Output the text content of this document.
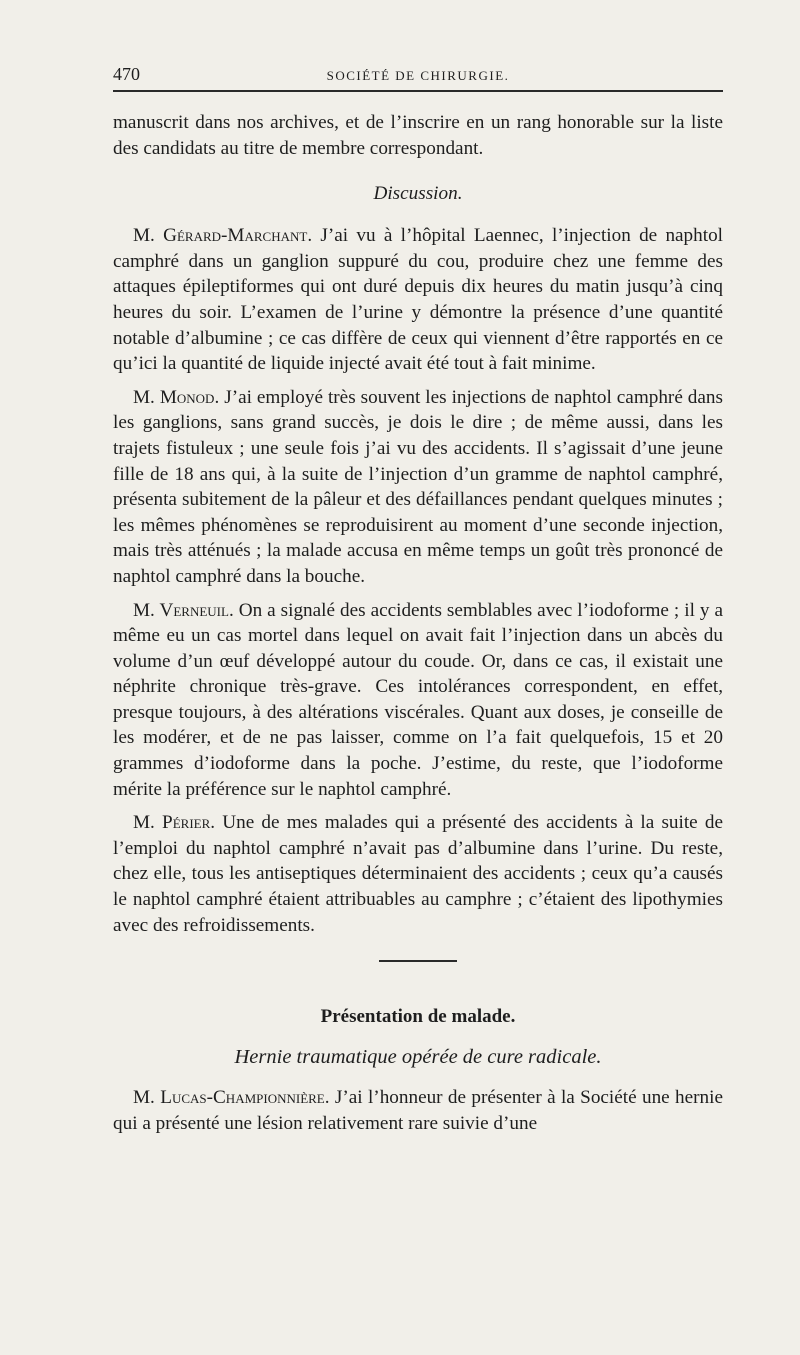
470	SOCIÉTÉ DE CHIRURGIE.

manuscrit dans nos archives, et de l’inscrire en un rang honorable sur la liste des candidats au titre de membre correspondant.

Discussion.

M. Gérard-Marchant. J’ai vu à l’hôpital Laennec, l’injection de naphtol camphré dans un ganglion suppuré du cou, produire chez une femme des attaques épileptiformes qui ont duré depuis dix heures du matin jusqu’à cinq heures du soir. L’examen de l’urine y démontre la présence d’une quantité notable d’albumine ; ce cas diffère de ceux qui viennent d’être rapportés en ce qu’ici la quantité de liquide injecté avait été tout à fait minime.

M. Monod. J’ai employé très souvent les injections de naphtol camphré dans les ganglions, sans grand succès, je dois le dire ; de même aussi, dans les trajets fistuleux ; une seule fois j’ai vu des accidents. Il s’agissait d’une jeune fille de 18 ans qui, à la suite de l’injection d’un gramme de naphtol camphré, présenta subitement de la pâleur et des défaillances pendant quelques minutes ; les mêmes phénomènes se reproduisirent au moment d’une seconde injection, mais très atténués ; la malade accusa en même temps un goût très prononcé de naphtol camphré dans la bouche.

M. Verneuil. On a signalé des accidents semblables avec l’iodoforme ; il y a même eu un cas mortel dans lequel on avait fait l’injection dans un abcès du volume d’un œuf développé autour du coude. Or, dans ce cas, il existait une néphrite chronique très-grave. Ces intolérances correspondent, en effet, presque toujours, à des altérations viscérales. Quant aux doses, je conseille de les modérer, et de ne pas laisser, comme on l’a fait quelquefois, 15 et 20 grammes d’iodoforme dans la poche. J’estime, du reste, que l’iodoforme mérite la préférence sur le naphtol camphré.

M. Périer. Une de mes malades qui a présenté des accidents à la suite de l’emploi du naphtol camphré n’avait pas d’albumine dans l’urine. Du reste, chez elle, tous les antiseptiques déterminaient des accidents ; ceux qu’a causés le naphtol camphré étaient attribuables au camphre ; c’étaient des lipothymies avec des refroidissements.

Présentation de malade.
Hernie traumatique opérée de cure radicale.

M. Lucas-Championnière. J’ai l’honneur de présenter à la Société une hernie qui a présenté une lésion relativement rare suivie d’une
